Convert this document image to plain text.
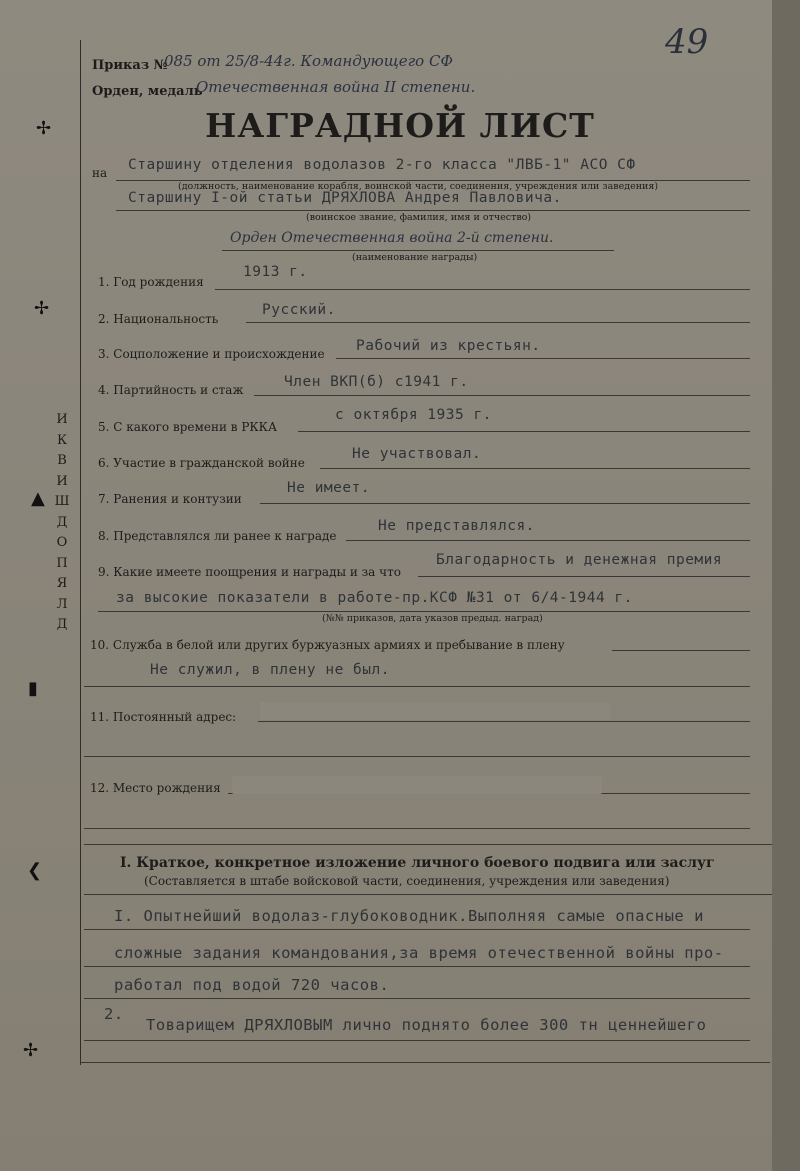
✢
✢
▲
▮
❮
✢
И
К
В
И
Ш
Д
О
П
Я
Л
Д
49
Приказ №
085 от 25/8-44г. Командующего СФ
Орден, медаль
Отечественная война II степени.
НАГРАДНОЙ ЛИСТ
на Старшину отделения водолазов 2-го класса "ЛВБ-1" АСО СФ
(должность, наименование корабля, воинской части, соединения, учреждения или заведения)
Старшину I-ой статьи ДРЯХЛОВА Андрея Павловича.
(воинское звание, фамилия, имя и отчество)
Орден Отечественная война 2-й степени.
(наименование награды)
1. Год рождения
1913 г.
2. Национальность
Русский.
3. Соцположение и происхождение Рабочий из крестьян.
4. Партийность и стаж	Член ВКП(б) с1941 г.
5. С какого времени в РККА
с октября 1935 г.
6. Участие в гражданской войне
Не участвовал.
7. Ранения и контузии
Не имеет.
8. Представлялся ли ранее к награде
Не представлялся.
9. Какие имеете поощрения и награды и за что
Благодарность и денежная премия
за высокие показатели в работе-пр.КСФ №31 от 6/4-1944 г.
(№№ приказов, дата указов предыд. наград)
10. Служба в белой или других буржуазных армиях и пребывание в плену
Не служил, в плену не был.
11. Постоянный адрес:
12. Место рождения
I. Краткое, конкретное изложение личного боевого подвига или заслуг
(Составляется в штабе войсковой части, соединения, учреждения или заведения)
I. Опытнейший водолаз-глубоководник.Выполняя самые опасные и
сложные задания командования,за время отечественной войны про-
работал под водой 720 часов.
2.
Товарищем ДРЯХЛОВЫМ лично поднято более 300 тн ценнейшего
